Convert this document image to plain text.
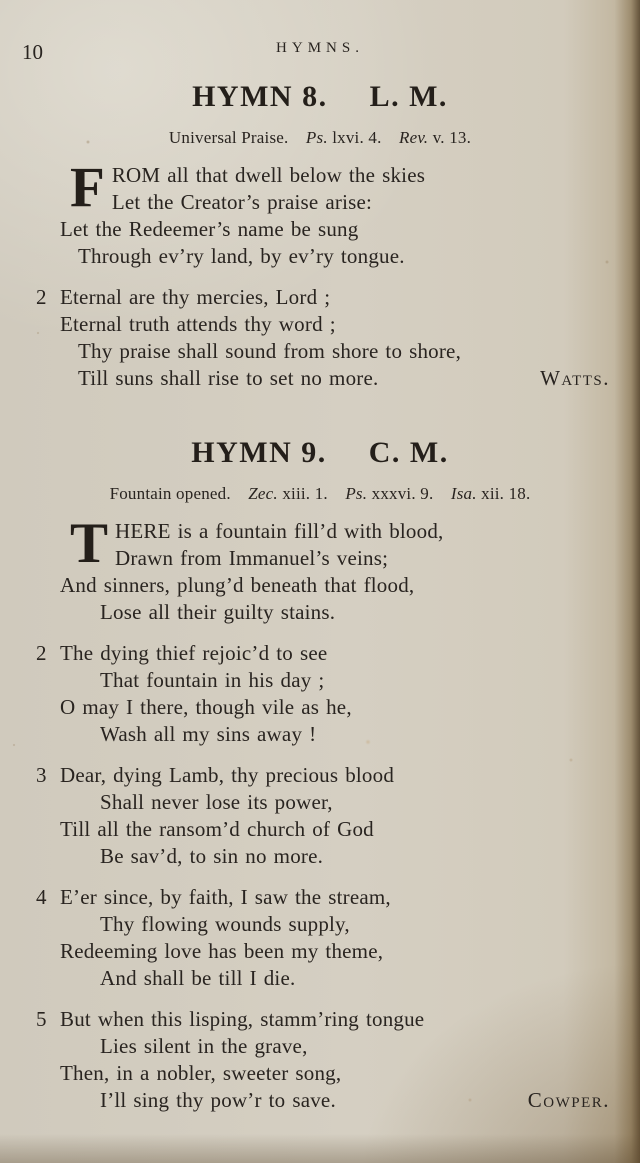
10	HYMNS.
HYMN 8. L. M.

Universal Praise. Ps. lxvi. 4. Rev. v. 13.

F ROM all that dwell below the skies
Let the Creator’s praise arise:
Let the Redeemer’s name be sung
Through ev’ry land, by ev’ry tongue.
2 Eternal are thy mercies, Lord ;
Eternal truth attends thy word ;
Thy praise shall sound from shore to shore,
Till suns shall rise to set no more.	Watts.
HYMN 9. C. M.

Fountain opened. Zec. xiii. 1. Ps. xxxvi. 9. Isa. xii. 18.

T HERE is a fountain fill’d with blood,
Drawn from Immanuel’s veins;
And sinners, plung’d beneath that flood,
Lose all their guilty stains.
2 The dying thief rejoic’d to see
That fountain in his day ;
O may I there, though vile as he,
Wash all my sins away !
3 Dear, dying Lamb, thy precious blood
Shall never lose its power,
Till all the ransom’d church of God
Be sav’d, to sin no more.
4 E’er since, by faith, I saw the stream,
Thy flowing wounds supply,
Redeeming love has been my theme,
And shall be till I die.
5 But when this lisping, stamm’ring tongue
Lies silent in the grave,
Then, in a nobler, sweeter song,
I’ll sing thy pow’r to save.	Cowper.
